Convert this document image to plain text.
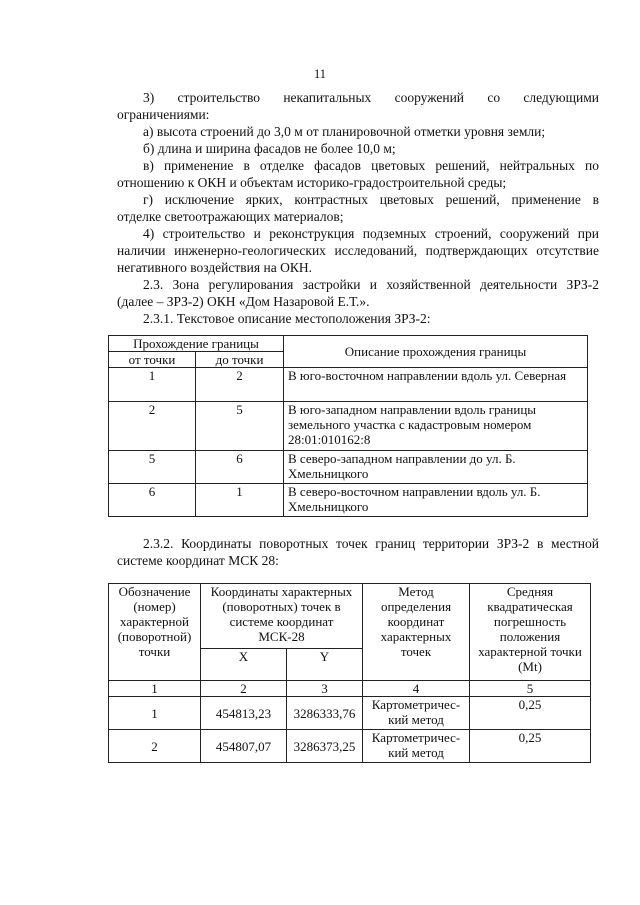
11
3) строительство некапитальных сооружений со следующими
ограничениями:
а) высота строений до 3,0 м от планировочной отметки уровня земли;
б) длина и ширина фасадов не более 10,0 м;
в) применение в отделке фасадов цветовых решений, нейтральных по
отношению к ОКН и объектам историко-градостроительной среды;
г) исключение ярких, контрастных цветовых решений, применение в
отделке светоотражающих материалов;
4) строительство и реконструкция подземных строений, сооружений при
наличии инженерно-геологических исследований, подтверждающих отсутствие
негативного воздействия на ОКН.
2.3. Зона регулирования застройки и хозяйственной деятельности ЗРЗ-2
(далее – ЗРЗ-2) ОКН «Дом Назаровой Е.Т.».
2.3.1. Текстовое описание местоположения ЗРЗ-2:
Прохождение границы		Описание прохождения границы
от точки	до точки	
1	2	В юго-восточном направлении вдоль ул. Северная
2	5	В юго-западном направлении вдоль границы земельного участка с кадастровым номером 28:01:010162:8
5	6	В северо-западном направлении до ул. Б. Хмельницкого
6	1	В северо-восточном направлении вдоль ул. Б. Хмельницкого
2.3.2. Координаты поворотных точек границ территории ЗРЗ-2 в местной
системе координат МСК 28:
Обозначение (номер) характерной (поворотной) точки	Координаты характерных (поворотных) точек в системе координат МСК-28		Метод определения координат характерных точек	Средняя квадратическая погрешность положения характерной точки (Mt)
	X	Y		
1	2	3	4	5
1	454813,23	3286333,76	Картометричес-кий метод	0,25
2	454807,07	3286373,25	Картометричес-кий метод	0,25
